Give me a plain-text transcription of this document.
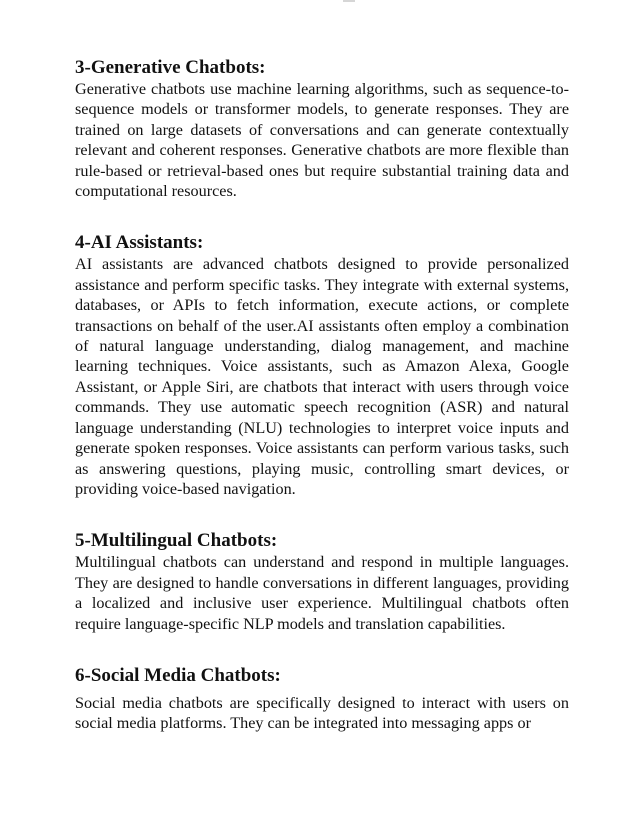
3-Generative Chatbots:

Generative chatbots use machine learning algorithms, such as sequence-to-sequence models or transformer models, to generate responses. They are trained on large datasets of conversations and can generate contextually relevant and coherent responses. Generative chatbots are more flexible than rule-based or retrieval-based ones but require substantial training data and computational resources.

4-AI Assistants:

AI assistants are advanced chatbots designed to provide personalized assistance and perform specific tasks. They integrate with external systems, databases, or APIs to fetch information, execute actions, or complete transactions on behalf of the user.AI assistants often employ a combination of natural language understanding, dialog management, and machine learning techniques. Voice assistants, such as Amazon Alexa, Google Assistant, or Apple Siri, are chatbots that interact with users through voice commands. They use automatic speech recognition (ASR) and natural language understanding (NLU) technologies to interpret voice inputs and generate spoken responses. Voice assistants can perform various tasks, such as answering questions, playing music, controlling smart devices, or providing voice-based navigation.

5-Multilingual Chatbots:

Multilingual chatbots can understand and respond in multiple languages. They are designed to handle conversations in different languages, providing a localized and inclusive user experience. Multilingual chatbots often require language-specific NLP models and translation capabilities.

6-Social Media Chatbots:

Social media chatbots are specifically designed to interact with users on social media platforms. They can be integrated into messaging apps or
